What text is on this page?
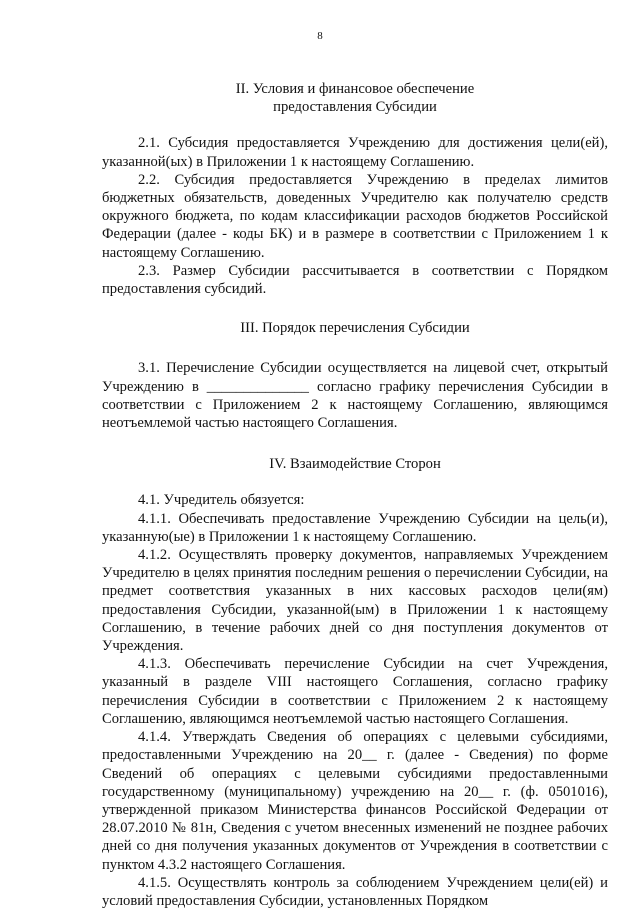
8
II. Условия и финансовое обеспечение
предоставления Субсидии

2.1. Субсидия предоставляется Учреждению для достижения цели(ей), указанной(ых) в Приложении 1 к настоящему Соглашению.

2.2. Субсидия предоставляется Учреждению в пределах лимитов бюджетных обязательств, доведенных Учредителю как получателю средств окружного бюджета, по кодам классификации расходов бюджетов Российской Федерации (далее - коды БК) и в размере в соответствии с Приложением 1 к настоящему Соглашению.

2.3. Размер Субсидии рассчитывается в соответствии с Порядком предоставления субсидий.

III. Порядок перечисления Субсидии

3.1. Перечисление Субсидии осуществляется на лицевой счет, открытый Учреждению в ______________ согласно графику перечисления Субсидии в соответствии с Приложением 2 к настоящему Соглашению, являющимся неотъемлемой частью настоящего Соглашения.

IV. Взаимодействие Сторон

4.1. Учредитель обязуется:

4.1.1. Обеспечивать предоставление Учреждению Субсидии на цель(и), указанную(ые) в Приложении 1 к настоящему Соглашению.

4.1.2. Осуществлять проверку документов, направляемых Учреждением Учредителю в целях принятия последним решения о перечислении Субсидии, на предмет соответствия указанных в них кассовых расходов цели(ям) предоставления Субсидии, указанной(ым) в Приложении 1 к настоящему Соглашению, в течение рабочих дней со дня поступления документов от Учреждения.

4.1.3. Обеспечивать перечисление Субсидии на счет Учреждения, указанный в разделе VIII настоящего Соглашения, согласно графику перечисления Субсидии в соответствии с Приложением 2 к настоящему Соглашению, являющимся неотъемлемой частью настоящего Соглашения.

4.1.4. Утверждать Сведения об операциях с целевыми субсидиями, предоставленными Учреждению на 20__ г. (далее - Сведения) по форме Сведений об операциях с целевыми субсидиями предоставленными государственному (муниципальному) учреждению на 20__ г. (ф. 0501016), утвержденной приказом Министерства финансов Российской Федерации от 28.07.2010 № 81н, Сведения с учетом внесенных изменений не позднее рабочих дней со дня получения указанных документов от Учреждения в соответствии с пунктом 4.3.2 настоящего Соглашения.

4.1.5. Осуществлять контроль за соблюдением Учреждением цели(ей) и условий предоставления Субсидии, установленных Порядком
